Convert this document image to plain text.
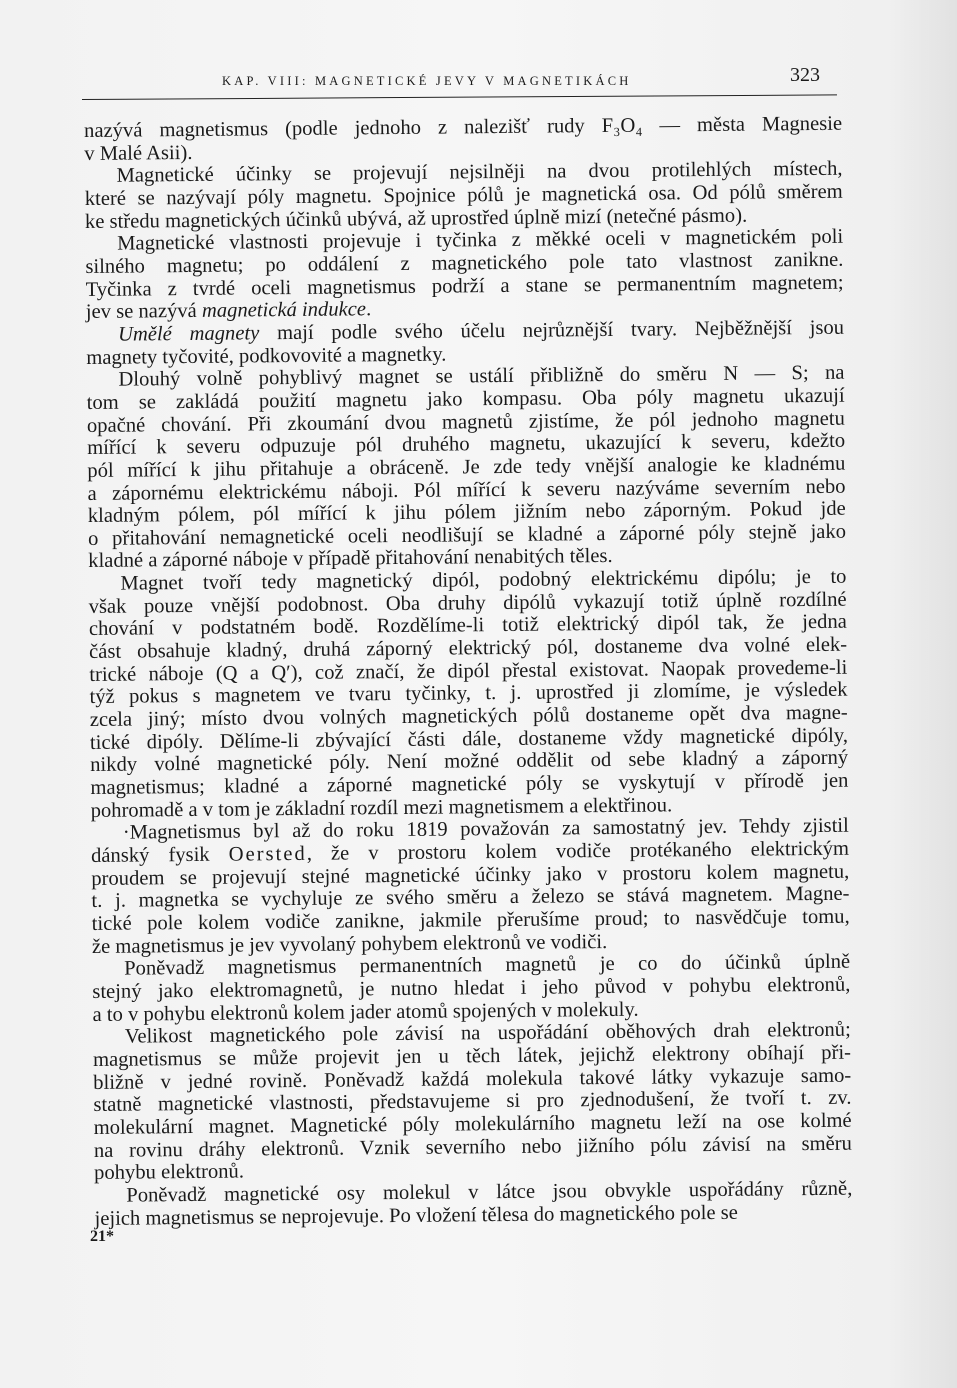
KAP. VIII: MAGNETICKÉ JEVY V MAGNETIKÁCH	323

nazývá magnetismus (podle jednoho z nalezišť rudy F₃O₄ — města Magnesie

v Malé Asii).

Magnetické účinky se projevují nejsilněji na dvou protilehlých místech,

které se nazývají póly magnetu. Spojnice pólů je magnetická osa. Od pólů směrem

ke středu magnetických účinků ubývá, až uprostřed úplně mizí (netečné pásmo).

Magnetické vlastnosti projevuje i tyčinka z měkké oceli v magnetickém poli

silného magnetu; po oddálení z magnetického pole tato vlastnost zanikne.

Tyčinka z tvrdé oceli magnetismus podrží a stane se permanentním magnetem;

jev se nazývá magnetická indukce.

Umělé magnety mají podle svého účelu nejrůznější tvary. Nejběžnější jsou

magnety tyčovité, podkovovité a magnetky.

Dlouhý volně pohyblivý magnet se ustálí přibližně do směru N — S; na

tom se zakládá použití magnetu jako kompasu. Oba póly magnetu ukazují

opačné chování. Při zkoumání dvou magnetů zjistíme, že pól jednoho magnetu

mířící k severu odpuzuje pól druhého magnetu, ukazující k severu, kdežto

pól mířící k jihu přitahuje a obráceně. Je zde tedy vnější analogie ke kladnému

a zápornému elektrickému náboji. Pól mířící k severu nazýváme severním nebo

kladným pólem, pól mířící k jihu pólem jižním nebo záporným. Pokud jde

o přitahování nemagnetické oceli neodlišují se kladné a záporné póly stejně jako

kladné a záporné náboje v případě přitahování nenabitých těles.

Magnet tvoří tedy magnetický dipól, podobný elektrickému dipólu; je to

však pouze vnější podobnost. Oba druhy dipólů vykazují totiž úplně rozdílné

chování v podstatném bodě. Rozdělíme-li totiž elektrický dipól tak, že jedna

část obsahuje kladný, druhá záporný elektrický pól, dostaneme dva volné elek-

trické náboje (Q a Q′), což značí, že dipól přestal existovat. Naopak provedeme-li

týž pokus s magnetem ve tvaru tyčinky, t. j. uprostřed ji zlomíme, je výsledek

zcela jiný; místo dvou volných magnetických pólů dostaneme opět dva magne-

tické dipóly. Dělíme-li zbývající části dále, dostaneme vždy magnetické dipóly,

nikdy volné magnetické póly. Není možné oddělit od sebe kladný a záporný

magnetismus; kladné a záporné magnetické póly se vyskytují v přírodě jen

pohromadě a v tom je základní rozdíl mezi magnetismem a elektřinou.

·Magnetismus byl až do roku 1819 považován za samostatný jev. Tehdy zjistil

dánský fysik Oersted, že v prostoru kolem vodiče protékaného elektrickým

proudem se projevují stejné magnetické účinky jako v prostoru kolem magnetu,

t. j. magnetka se vychyluje ze svého směru a železo se stává magnetem. Magne-

tické pole kolem vodiče zanikne, jakmile přerušíme proud; to nasvědčuje tomu,

že magnetismus je jev vyvolaný pohybem elektronů ve vodiči.

Poněvadž magnetismus permanentních magnetů je co do účinků úplně

stejný jako elektromagnetů, je nutno hledat i jeho původ v pohybu elektronů,

a to v pohybu elektronů kolem jader atomů spojených v molekuly.

Velikost magnetického pole závisí na uspořádání oběhových drah elektronů;

magnetismus se může projevit jen u těch látek, jejichž elektrony obíhají při-

bližně v jedné rovině. Poněvadž každá molekula takové látky vykazuje samo-

statně magnetické vlastnosti, představujeme si pro zjednodušení, že tvoří t. zv.

molekulární magnet. Magnetické póly molekulárního magnetu leží na ose kolmé

na rovinu dráhy elektronů. Vznik severního nebo jižního pólu závisí na směru

pohybu elektronů.

Poněvadž magnetické osy molekul v látce jsou obvykle uspořádány různě,

jejich magnetismus se neprojevuje. Po vložení tělesa do magnetického pole se

21*
